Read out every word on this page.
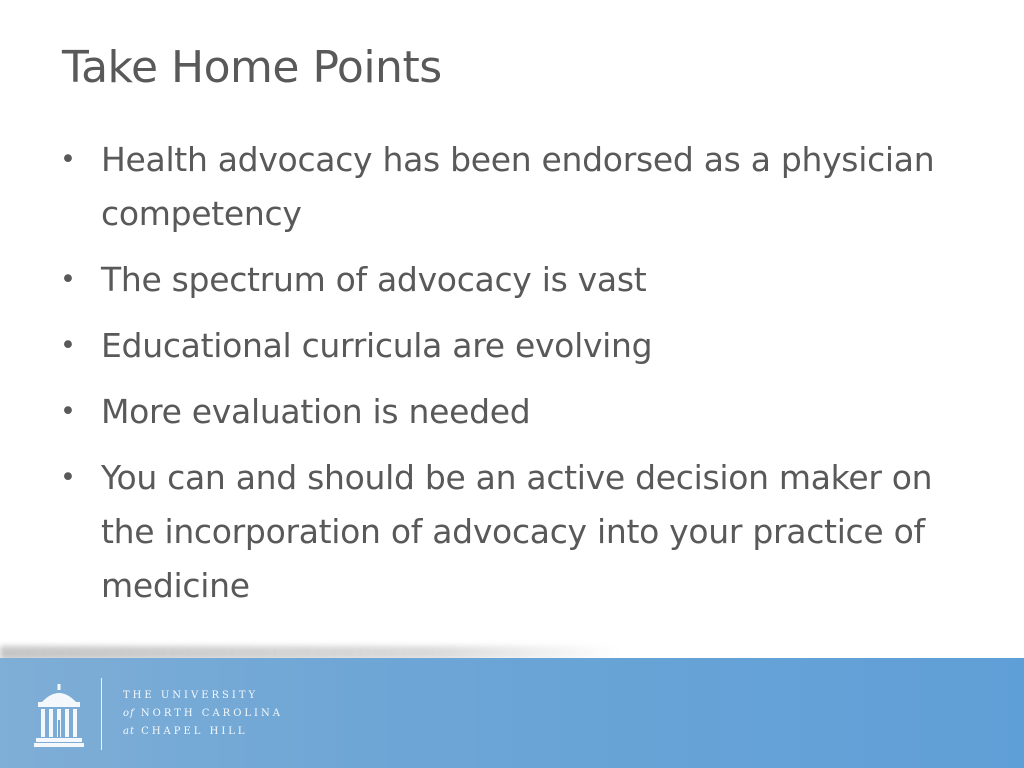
Take Home Points
• Health advocacy has been endorsed as a physician competency
• The spectrum of advocacy is vast
• Educational curricula are evolving
• More evaluation is needed
• You can and should be an active decision maker on the incorporation of advocacy into your practice of medicine
THE UNIVERSITY
of NORTH CAROLINA
at CHAPEL HILL
